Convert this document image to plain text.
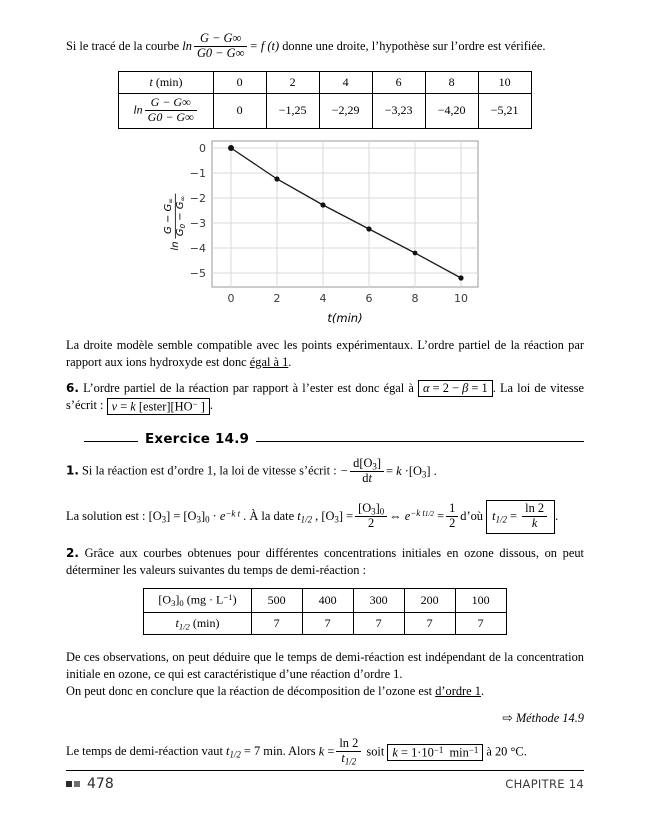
Si le tracé de la courbe $\ln \frac{G - G\infty}{G0 - G\infty} = f$ (t) donne une droite, l’hypothèse sur l’ordre est vérifiée.

t (min)	0	2	4	6	8	10
$\ln \frac{G - G\infty}{G0 - G\infty}$	0	−1,25	−2,29	−3,23	−4,20	−5,21
ln
$G - G_\infty$
$G_0 - G_\infty$
0
−1
−2
−3
−4
−5
0	2	4	6	8	10
t(min)

La droite modèle semble compatible avec les points expérimentaux. L’ordre partiel de la réaction par rapport aux ions hydroxyde est donc égal à 1.

6. L’ordre partiel de la réaction par rapport à l’ester est donc égal à α = 2 − β = 1 . La loi de vitesse s’écrit : v = k [ester][HO− ] .

Exercice 14.9

1. Si la réaction est d’ordre 1, la loi de vitesse s’écrit : − $\frac{d[O_3]}{dt} = k \cdot[O_3]$ .

La solution est : $[O_3] = [O_3]_0 \cdot e^{-k t}$ . À la date $t_{1/2}$ , $[O_3] = \frac{[O_3]_0}{2}$ ⇔ $e^{-k t1/2} = \frac{1}{2}$ d’où $t_{1/2} = \frac{\ln 2}{k}$ .

2. Grâce aux courbes obtenues pour différentes concentrations initiales en ozone dissous, on peut déterminer les valeurs suivantes du temps de demi-réaction :

$[O_3]_0$ $(mg \cdot L^{-1})$	500	400	300	200	100
$t_{1/2}$ (min)	7	7	7	7	7

De ces observations, on peut déduire que le temps de demi-réaction est indépendant de la concentration initiale en ozone, ce qui est caractéristique d’une réaction d’ordre 1.

On peut donc en conclure que la réaction de décomposition de l’ozone est d’ordre 1.

⇨ Méthode 14.9

Le temps de demi-réaction vaut $t_{1/2} = 7$ min. Alors $k = \frac{\ln 2}{t_{1/2}}$ soit $k = 1\cdot 10^{-1}$  $\min^{-1}$ à 20 °C.

478	CHAPITRE 14
